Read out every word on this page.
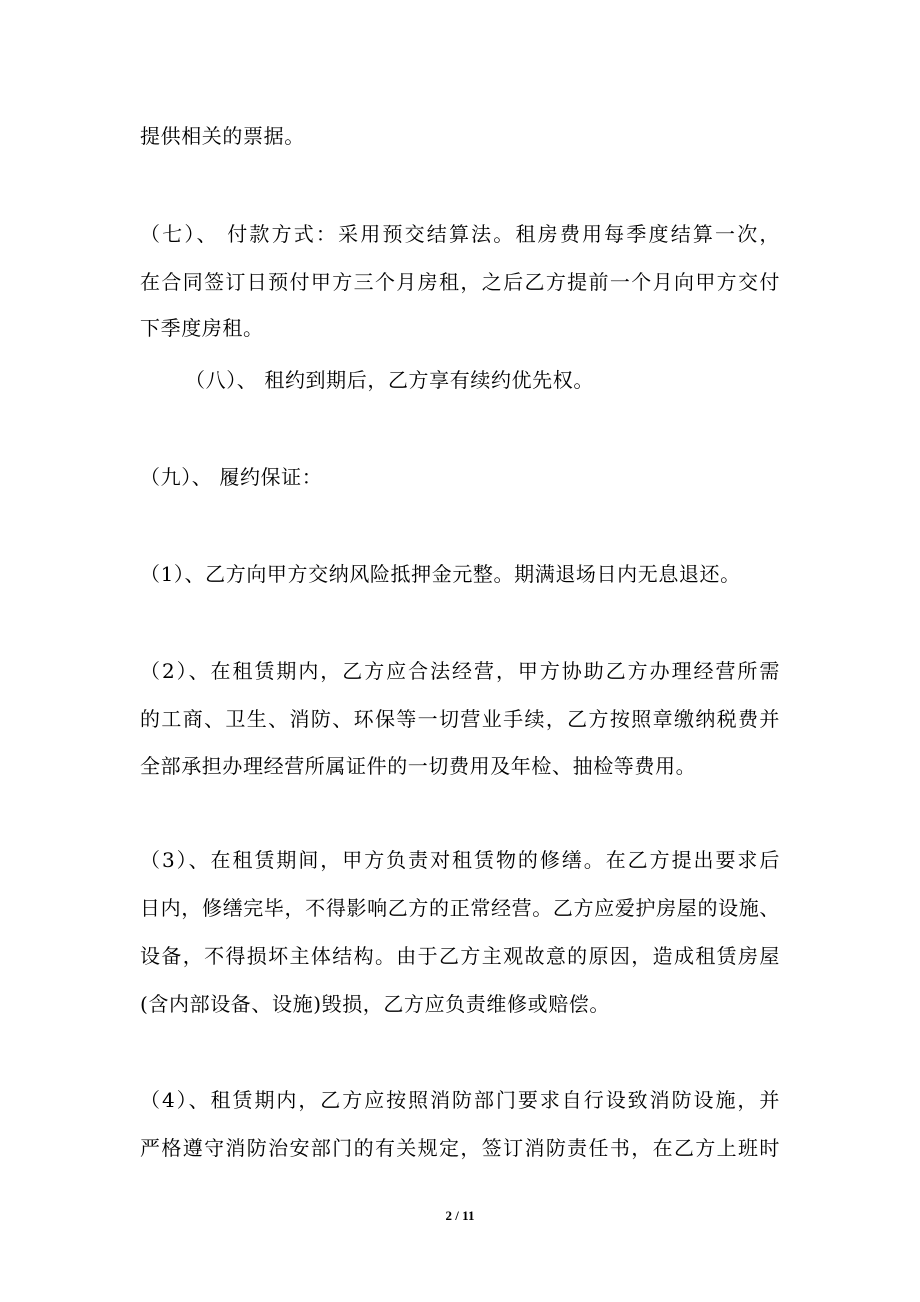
提供相关的票据。
（七）、 付款方式：采用预交结算法。租房费用每季度结算一次，
在合同签订日预付甲方三个月房租，之后乙方提前一个月向甲方交付
下季度房租。
（八）、 租约到期后，乙方享有续约优先权。
（九）、 履约保证：
（1）、乙方向甲方交纳风险抵押金元整。期满退场日内无息退还。
（2）、在租赁期内，乙方应合法经营，甲方协助乙方办理经营所需
的工商、卫生、消防、环保等一切营业手续，乙方按照章缴纳税费并
全部承担办理经营所属证件的一切费用及年检、抽检等费用。
（3）、在租赁期间，甲方负责对租赁物的修缮。在乙方提出要求后
日内，修缮完毕，不得影响乙方的正常经营。乙方应爱护房屋的设施、
设备，不得损坏主体结构。由于乙方主观故意的原因，造成租赁房屋
(含内部设备、设施)毁损，乙方应负责维修或赔偿。
（4）、租赁期内，乙方应按照消防部门要求自行设致消防设施，并
严格遵守消防治安部门的有关规定，签订消防责任书，在乙方上班时
2 / 11
